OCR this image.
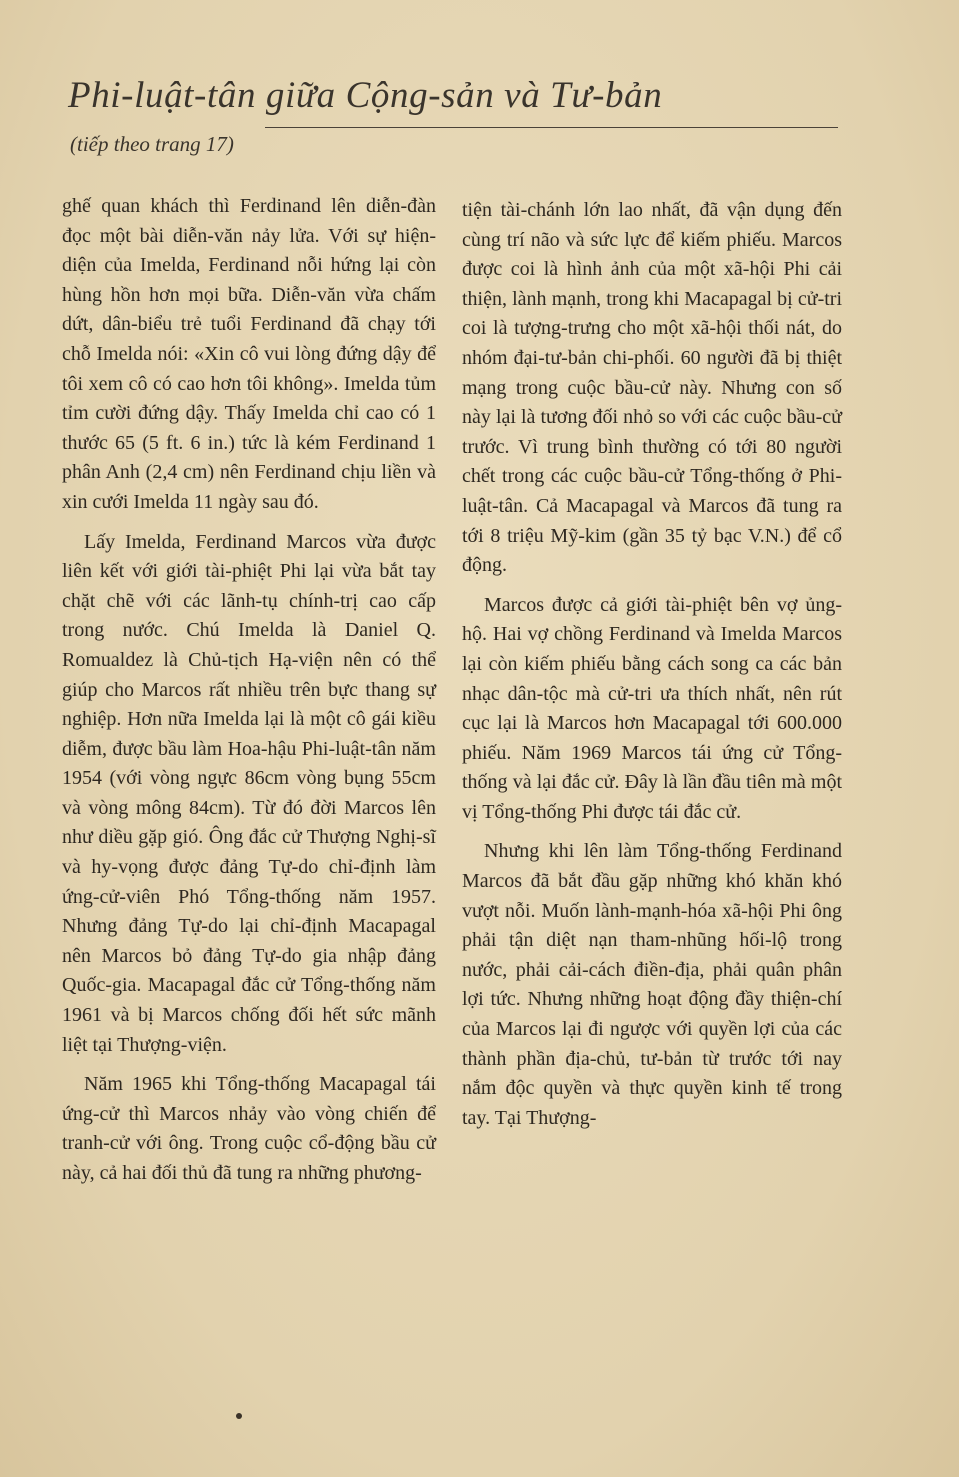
Phi-luật-tân giữa Cộng-sản và Tư-bản
(tiếp theo trang 17)

ghế quan khách thì Ferdinand lên diễn-đàn đọc một bài diễn-văn nảy lửa. Với sự hiện-diện của Imelda, Ferdinand nỗi hứng lại còn hùng hồn hơn mọi bữa. Diễn-văn vừa chấm dứt, dân-biểu trẻ tuổi Ferdinand đã chạy tới chỗ Imelda nói: «Xin cô vui lòng đứng dậy để tôi xem cô có cao hơn tôi không». Imelda tủm tỉm cười đứng dậy. Thấy Imelda chỉ cao có 1 thước 65 (5 ft. 6 in.) tức là kém Ferdinand 1 phân Anh (2,4 cm) nên Ferdinand chịu liền và xin cưới Imelda 11 ngày sau đó.

Lấy Imelda, Ferdinand Marcos vừa được liên kết với giới tài-phiệt Phi lại vừa bắt tay chặt chẽ với các lãnh-tụ chính-trị cao cấp trong nước. Chú Imelda là Daniel Q. Romualdez là Chủ-tịch Hạ-viện nên có thể giúp cho Marcos rất nhiều trên bực thang sự nghiệp. Hơn nữa Imelda lại là một cô gái kiều diễm, được bầu làm Hoa-hậu Phi-luật-tân năm 1954 (với vòng ngực 86cm vòng bụng 55cm và vòng mông 84cm). Từ đó đời Marcos lên như diều gặp gió. Ông đắc cử Thượng Nghị-sĩ và hy-vọng được đảng Tự-do chỉ-định làm ứng-cử-viên Phó Tổng-thống năm 1957. Nhưng đảng Tự-do lại chỉ-định Macapagal nên Marcos bỏ đảng Tự-do gia nhập đảng Quốc-gia. Macapagal đắc cử Tổng-thống năm 1961 và bị Marcos chống đối hết sức mãnh liệt tại Thượng-viện.

Năm 1965 khi Tổng-thống Macapagal tái ứng-cử thì Marcos nhảy vào vòng chiến để tranh-cử với ông. Trong cuộc cổ-động bầu cử này, cả hai đối thủ đã tung ra những phương-

tiện tài-chánh lớn lao nhất, đã vận dụng đến cùng trí não và sức lực để kiếm phiếu. Marcos được coi là hình ảnh của một xã-hội Phi cải thiện, lành mạnh, trong khi Macapagal bị cử-tri coi là tượng-trưng cho một xã-hội thối nát, do nhóm đại-tư-bản chi-phối. 60 người đã bị thiệt mạng trong cuộc bầu-cử này. Nhưng con số này lại là tương đối nhỏ so với các cuộc bầu-cử trước. Vì trung bình thường có tới 80 người chết trong các cuộc bầu-cử Tổng-thống ở Phi-luật-tân. Cả Macapagal và Marcos đã tung ra tới 8 triệu Mỹ-kim (gần 35 tỷ bạc V.N.) để cổ động.

Marcos được cả giới tài-phiệt bên vợ ủng-hộ. Hai vợ chồng Ferdinand và Imelda Marcos lại còn kiếm phiếu bằng cách song ca các bản nhạc dân-tộc mà cử-tri ưa thích nhất, nên rút cục lại là Marcos hơn Macapagal tới 600.000 phiếu. Năm 1969 Marcos tái ứng cử Tổng-thống và lại đắc cử. Đây là lần đầu tiên mà một vị Tổng-thống Phi được tái đắc cử.

Nhưng khi lên làm Tổng-thống Ferdinand Marcos đã bắt đầu gặp những khó khăn khó vượt nỗi. Muốn lành-mạnh-hóa xã-hội Phi ông phải tận diệt nạn tham-nhũng hối-lộ trong nước, phải cải-cách điền-địa, phải quân phân lợi tức. Nhưng những hoạt động đầy thiện-chí của Marcos lại đi ngược với quyền lợi của các thành phần địa-chủ, tư-bản từ trước tới nay nắm độc quyền và thực quyền kinh tế trong tay. Tại Thượng-
